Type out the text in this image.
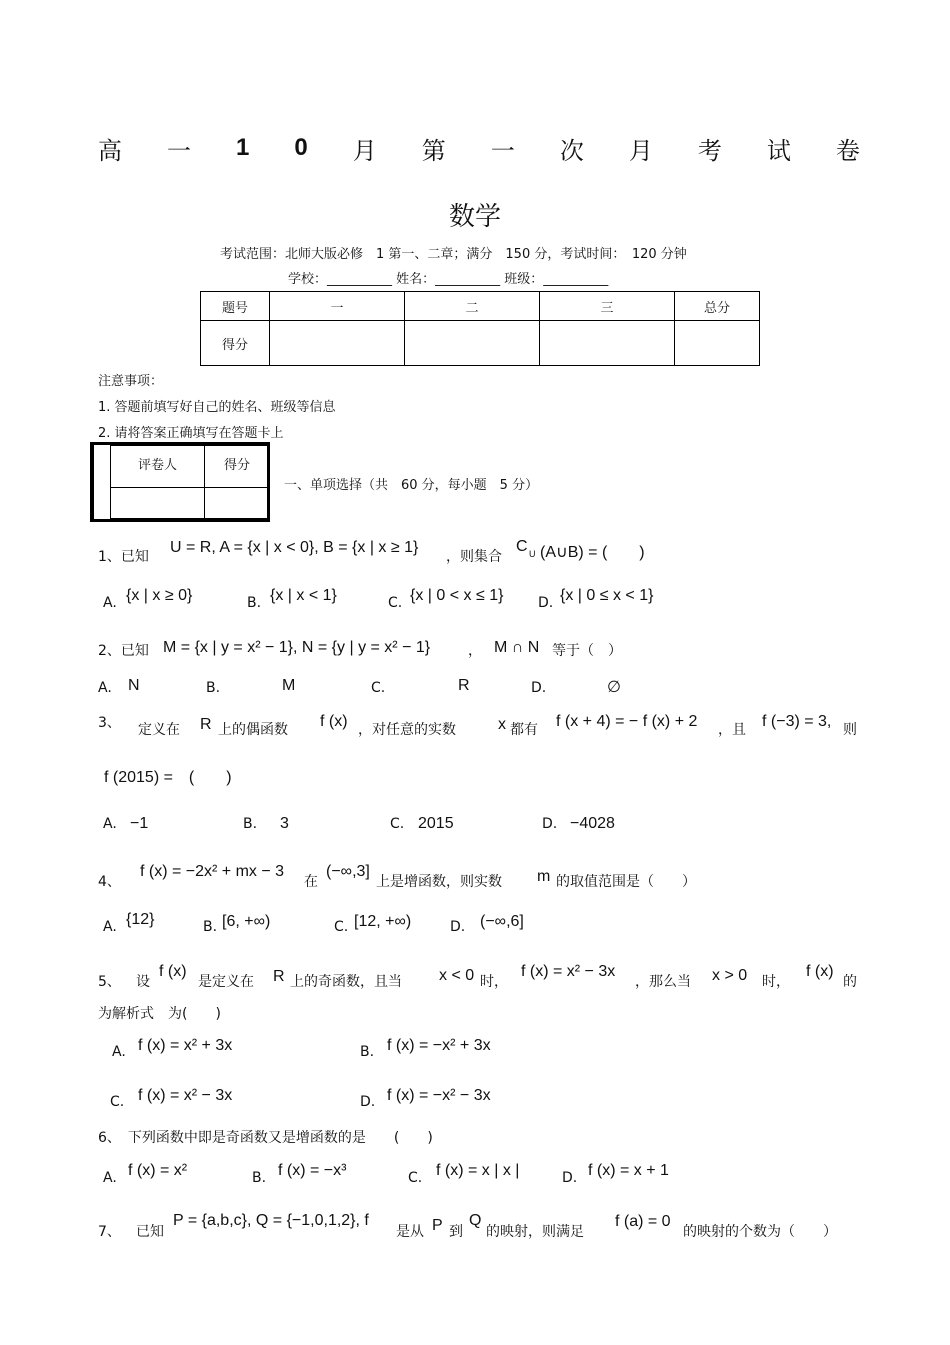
高 一 1 0 月 第 一 次 月 考 试 卷
数学
考试范围：北师大版必修　1 第一、二章；满分　150 分，考试时间：　120 分钟
学校：__________ 姓名：__________ 班级：__________
题号	一	二	三	总分
得分				
注意事项：
1. 答题前填写好自己的姓名、班级等信息
2. 请将答案正确填写在答题卡上
评卷人	得分

一、单项选择（共　60 分，每小题　5 分）
1、已知
U = R, A = {x | x < 0}, B = {x | x ≥ 1}
，则集合
C U (A∪B) = (　　)
A. {x | x ≥ 0}	B. {x | x < 1}	C. {x | 0 < x ≤ 1} D. {x | 0 ≤ x < 1}
2、已知 M = {x | y = x² − 1}, N = {y | y = x² − 1}	， M ∩ N 等于（　）
A. N	B.	M	C.	R	D.	∅
3、 定义在 R 上的偶函数 f (x) ，对任意的实数	x 都有 f (x + 4) = − f (x) + 2 ，且 f (−3) = 3, 则
f (2015) =　(　　)
A. −1	B. 3	C. 2015	D. −4028
4、
f (x) = −2x² + mx − 3
在
(−∞,3]
上是增函数，则实数 m 的取值范围是（　　）
A. {12}	B. [6, +∞)	C. [12, +∞)	D. (−∞,6]
5、 设
f (x)
是定义在 R 上的奇函数，且当 x < 0 时，
f (x) = x² − 3x
，那么当 x > 0 时，
f (x)
的
为解析式　为(　　)
A. f (x) = x² + 3x	B. f (x) = −x² + 3x
C. f (x) = x² − 3x	D. f (x) = −x² − 3x
6、　下列函数中即是奇函数又是增函数的是　　(　　)
A. f (x) = x²	B. f (x) = −x³	C. f (x) = x | x |	D. f (x) = x + 1
7、 已知
P = {a,b,c}, Q = {−1,0,1,2}, f
是从 P 到
Q
的映射，则满足
f (a) = 0
的映射的个数为（　　）
